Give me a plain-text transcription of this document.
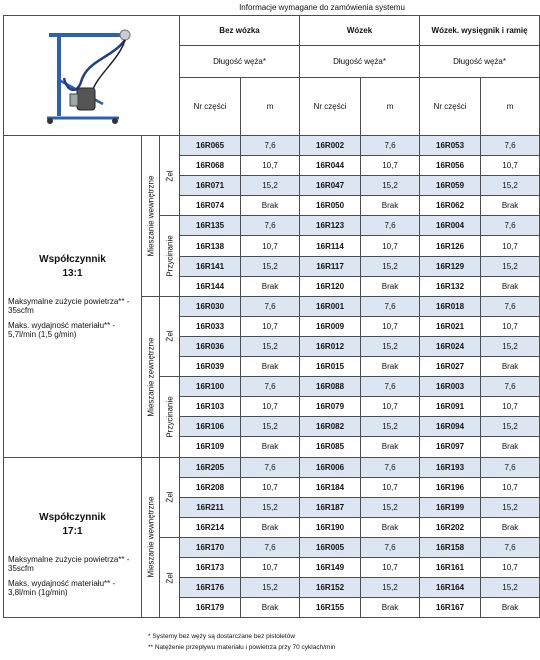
Informacje wymagane do zamówienia systemu
	Bez wózka		Wózek		Wózek. wysięgnik i ramię	
			Długość węża*		Długość węża*		Długość węża*	
			Nr części	m	Nr części	m	Nr części	m

Współczynnik
13:1
Maksymalne zużycie powietrza** - 35scfm
Maks. wydajność materiału** - 5,7l/min (1,5 g/min)	Mieszanie wewnętrzne	Żel	16R065	7,6	16R002	7,6	16R053	7,6
			16R068	10,7	16R044	10,7	16R056	10,7
			16R071	15,2	16R047	15,2	16R059	15,2
			16R074	Brak	16R050	Brak	16R062	Brak

		Przycinanie	16R135	7,6	16R123	7,6	16R004	7,6
			16R138	10,7	16R114	10,7	16R126	10,7
			16R141	15,2	16R117	15,2	16R129	15,2
			16R144	Brak	16R120	Brak	16R132	Brak

	Mieszanie zewnętrzne	Żel	16R030	7,6	16R001	7,6	16R018	7,6
			16R033	10,7	16R009	10,7	16R021	10,7
			16R036	15,2	16R012	15,2	16R024	15,2
			16R039	Brak	16R015	Brak	16R027	Brak

		Przycinanie	16R100	7,6	16R088	7,6	16R003	7,6
			16R103	10,7	16R079	10,7	16R091	10,7
			16R106	15,2	16R082	15,2	16R094	15,2
			16R109	Brak	16R085	Brak	16R097	Brak

Współczynnik
17:1
Maksymalne zużycie powietrza** - 35scfm
Maks. wydajność materiału** - 3,8l/min (1g/min)	Mieszanie wewnętrzne	Żel	16R205	7,6	16R006	7,6	16R193	7,6
			16R208	10,7	16R184	10,7	16R196	10,7
			16R211	15,2	16R187	15,2	16R199	15,2
			16R214	Brak	16R190	Brak	16R202	Brak

		Żel	16R170	7,6	16R005	7,6	16R158	7,6
			16R173	10,7	16R149	10,7	16R161	10,7
			16R176	15,2	16R152	15,2	16R164	15,2
			16R179	Brak	16R155	Brak	16R167	Brak
* Systemy bez węży są dostarczane bez pistoletów
** Natężenie przepływu materiału i powietrza przy 70 cyklach/min
